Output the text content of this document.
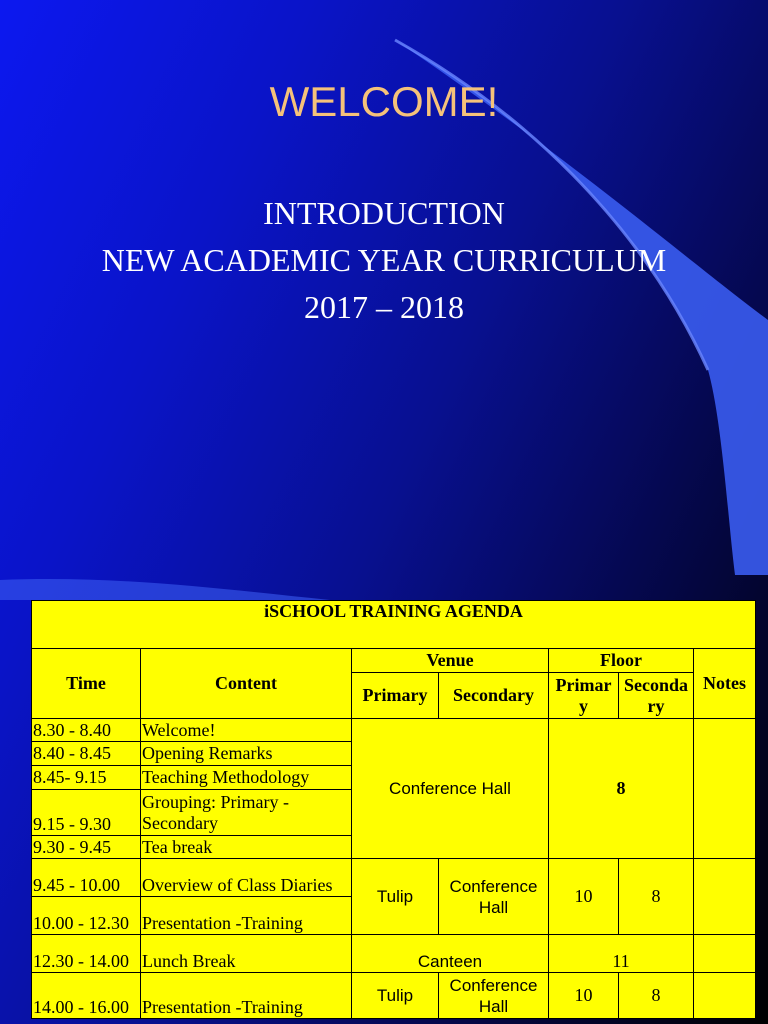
WELCOME!
INTRODUCTION
NEW ACADEMIC YEAR CURRICULUM
2017 – 2018
iSCHOOL TRAINING AGENDA						
Time	Content	Venue		Floor		Notes
		Primary	Secondary	Primar y	Seconda ry	
8.30 - 8.40	Welcome!	Conference Hall		8		
8.40 - 8.45	Opening Remarks					
8.45- 9.15	Teaching Methodology					
9.15 - 9.30	Grouping: Primary - Secondary					
9.30 - 9.45	Tea break					
9.45 - 10.00	Overview of Class Diaries	Tulip	Conference Hall	10	8	
10.00 - 12.30	Presentation -Training					
12.30 - 14.00	Lunch Break	Canteen		11		
14.00 - 16.00	Presentation -Training	Tulip	Conference Hall	10	8	
